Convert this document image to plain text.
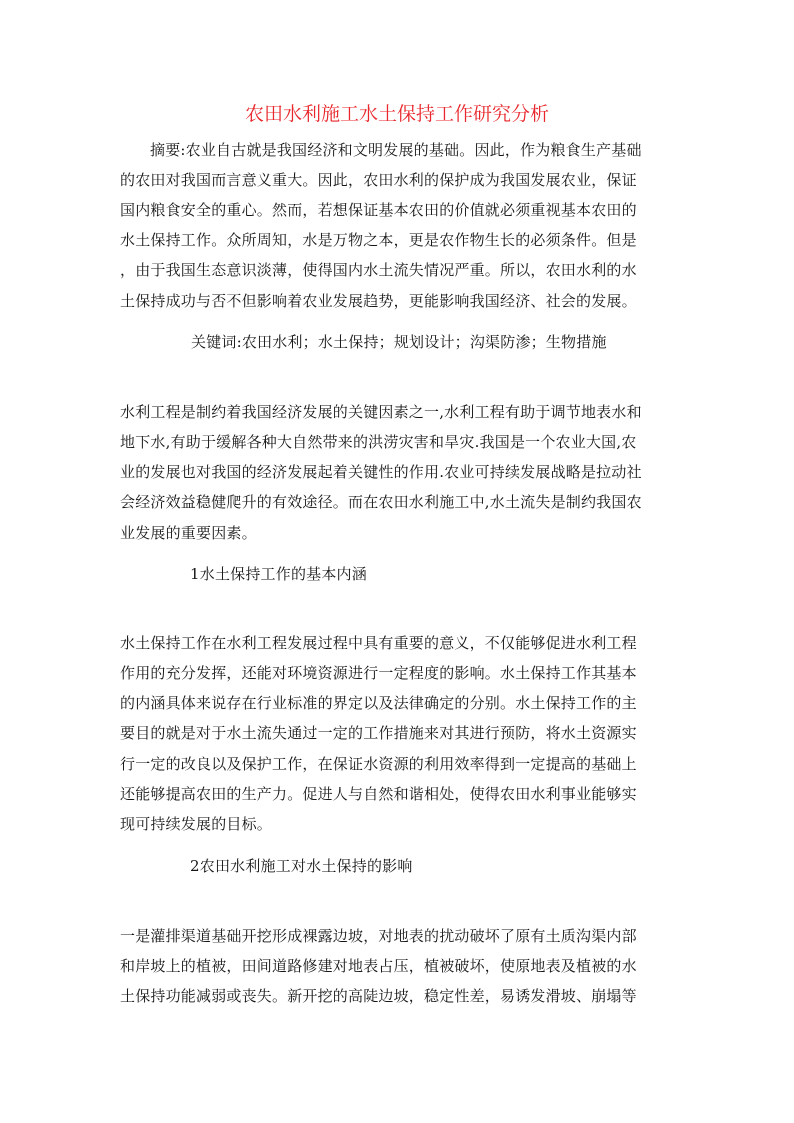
农田水利施工水土保持工作研究分析
摘要:农业自古就是我国经济和文明发展的基础。因此，作为粮食生产基础
的农田对我国而言意义重大。因此，农田水利的保护成为我国发展农业，保证
国内粮食安全的重心。然而，若想保证基本农田的价值就必须重视基本农田的
水土保持工作。众所周知，水是万物之本，更是农作物生长的必须条件。但是
，由于我国生态意识淡薄，使得国内水土流失情况严重。所以，农田水利的水
土保持成功与否不但影响着农业发展趋势，更能影响我国经济、社会的发展。
关键词:农田水利；水土保持；规划设计；沟渠防渗；生物措施
水利工程是制约着我国经济发展的关键因素之一,水利工程有助于调节地表水和
地下水,有助于缓解各种大自然带来的洪涝灾害和旱灾.我国是一个农业大国,农
业的发展也对我国的经济发展起着关键性的作用.农业可持续发展战略是拉动社
会经济效益稳健爬升的有效途径。而在农田水利施工中,水土流失是制约我国农
业发展的重要因素。
1水土保持工作的基本内涵
水土保持工作在水利工程发展过程中具有重要的意义，不仅能够促进水利工程
作用的充分发挥，还能对环境资源进行一定程度的影响。水土保持工作其基本
的内涵具体来说存在行业标准的界定以及法律确定的分别。水土保持工作的主
要目的就是对于水土流失通过一定的工作措施来对其进行预防，将水土资源实
行一定的改良以及保护工作，在保证水资源的利用效率得到一定提高的基础上
还能够提高农田的生产力。促进人与自然和谐相处，使得农田水利事业能够实
现可持续发展的目标。
2农田水利施工对水土保持的影响
一是灌排渠道基础开挖形成裸露边坡，对地表的扰动破坏了原有土质沟渠内部
和岸坡上的植被，田间道路修建对地表占压，植被破坏，使原地表及植被的水
土保持功能减弱或丧失。新开挖的高陡边坡，稳定性差，易诱发滑坡、崩塌等
